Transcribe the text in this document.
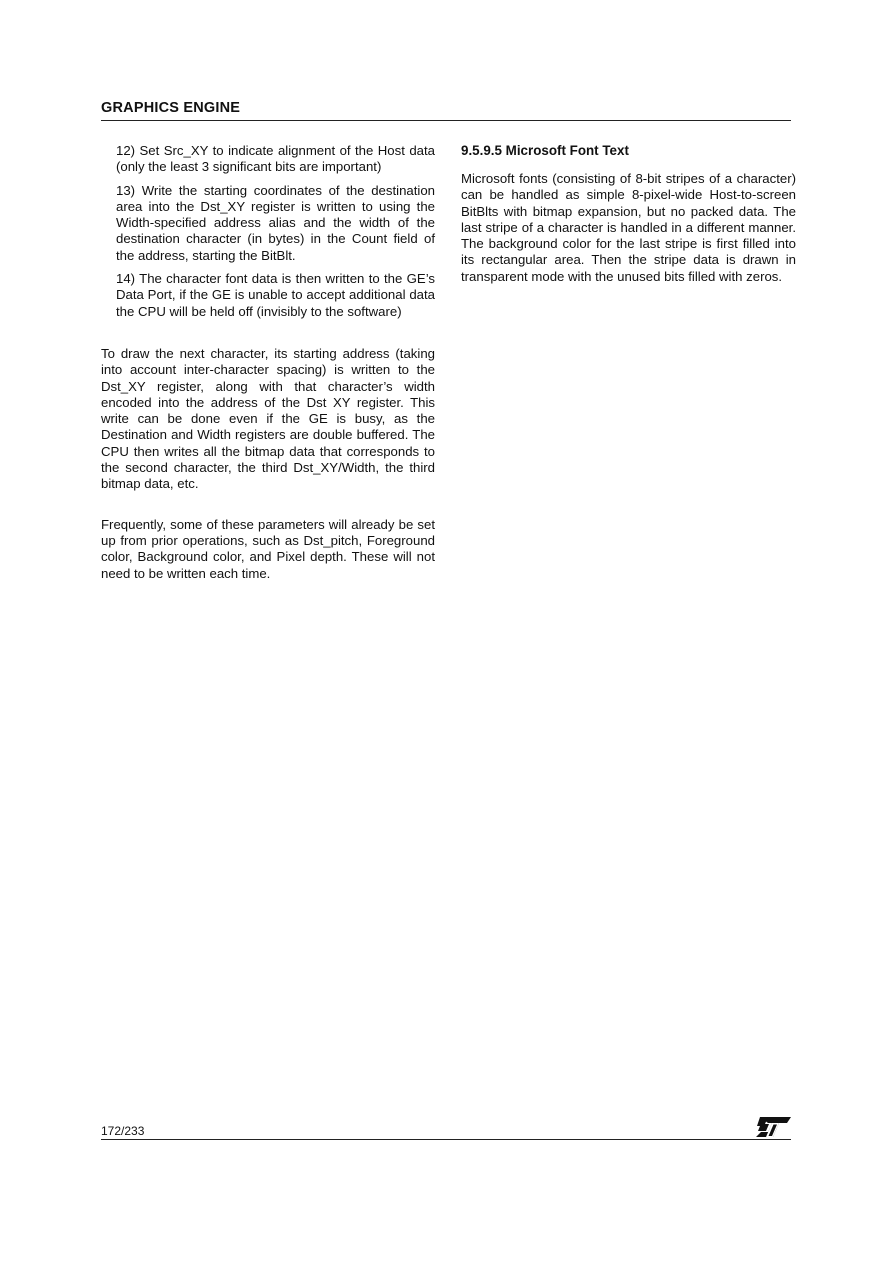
GRAPHICS ENGINE

12) Set Src_XY to indicate alignment of the Host data (only the least 3 significant bits are important)

13) Write the starting coordinates of the destination area into the Dst_XY register is written to using the Width-specified address alias and the width of the destination character (in bytes) in the Count field of the address, starting the BitBlt.

14) The character font data is then written to the GE’s Data Port, if the GE is unable to accept additional data the CPU will be held off (invisibly to the software)

To draw the next character, its starting address (taking into account inter-character spacing) is written to the Dst_XY register, along with that character’s width encoded into the address of the Dst XY register. This write can be done even if the GE is busy, as the Destination and Width registers are double buffered. The CPU then writes all the bitmap data that corresponds to the second character, the third Dst_XY/Width, the third bitmap data, etc.

Frequently, some of these parameters will already be set up from prior operations, such as Dst_pitch, Foreground color, Background color, and Pixel depth. These will not need to be written each time.

9.5.9.5 Microsoft Font Text

Microsoft fonts (consisting of 8-bit stripes of a character) can be handled as simple 8-pixel-wide Host-to-screen BitBlts with bitmap expansion, but no packed data. The last stripe of a character is handled in a different manner. The background color for the last stripe is first filled into its rectangular area. Then the stripe data is drawn in transparent mode with the unused bits filled with zeros.

172/233
